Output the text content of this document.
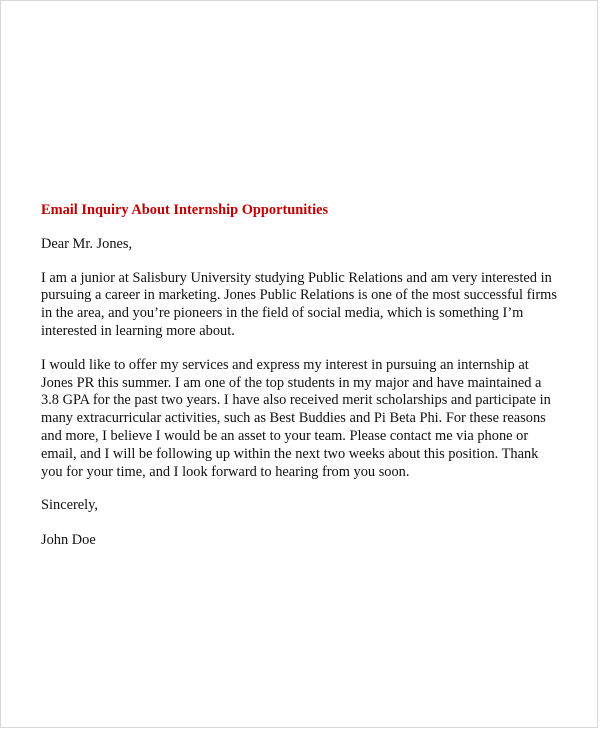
Email Inquiry About Internship Opportunities
Dear Mr. Jones,
I am a junior at Salisbury University studying Public Relations and am very interested in
pursuing a career in marketing. Jones Public Relations is one of the most successful firms
in the area, and you’re pioneers in the field of social media, which is something I’m
interested in learning more about.
I would like to offer my services and express my interest in pursuing an internship at
Jones PR this summer. I am one of the top students in my major and have maintained a
3.8 GPA for the past two years. I have also received merit scholarships and participate in
many extracurricular activities, such as Best Buddies and Pi Beta Phi. For these reasons
and more, I believe I would be an asset to your team. Please contact me via phone or
email, and I will be following up within the next two weeks about this position. Thank
you for your time, and I look forward to hearing from you soon.
Sincerely,
John Doe
